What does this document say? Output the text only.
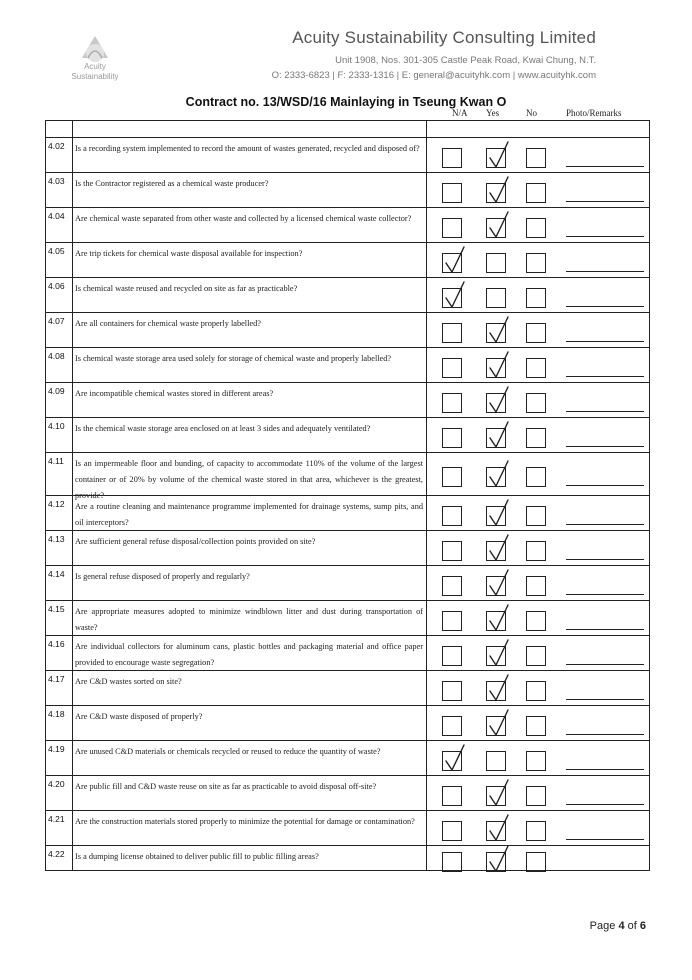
Acuity Sustainability
Acuity Sustainability Consulting Limited
Unit 1908, Nos. 301-305 Castle Peak Road, Kwai Chung, N.T.
O: 2333-6823 | F: 2333-1316 | E: general@acuityhk.com | www.acuityhk.com
Contract no. 13/WSD/16 Mainlaying in Tseung Kwan O
N/A Yes	No	Photo/Remarks
4.02 Is a recording system implemented to record the amount of wastes generated, recycled and disposed of?
4.03 Is the Contractor registered as a chemical waste producer?
4.04 Are chemical waste separated from other waste and collected by a licensed chemical waste collector?
4.05 Are trip tickets for chemical waste disposal available for inspection?
4.06 Is chemical waste reused and recycled on site as far as practicable?
4.07 Are all containers for chemical waste properly labelled?
4.08 Is chemical waste storage area used solely for storage of chemical waste and properly labelled?
4.09 Are incompatible chemical wastes stored in different areas?
4.10 Is the chemical waste storage area enclosed on at least 3 sides and adequately ventilated?
4.11 Is an impermeable floor and bunding, of capacity to accommodate 110% of the volume of the largest container or of 20% by volume of the chemical waste stored in that area, whichever is the greatest, provide?
4.12 Are a routine cleaning and maintenance programme implemented for drainage systems, sump pits, and oil interceptors?
4.13 Are sufficient general refuse disposal/collection points provided on site?
4.14 Is general refuse disposed of properly and regularly?
4.15 Are appropriate measures adopted to minimize windblown litter and dust during transportation of waste?
4.16 Are individual collectors for aluminum cans, plastic bottles and packaging material and office paper provided to encourage waste segregation?
4.17 Are C&D wastes sorted on site?
4.18 Are C&D waste disposed of properly?
4.19 Are unused C&D materials or chemicals recycled or reused to reduce the quantity of waste?
4.20 Are public fill and C&D waste reuse on site as far as practicable to avoid disposal off-site?
4.21 Are the construction materials stored properly to minimize the potential for damage or contamination?
4.22 Is a dumping license obtained to deliver public fill to public filling areas?
Page 4 of 6
